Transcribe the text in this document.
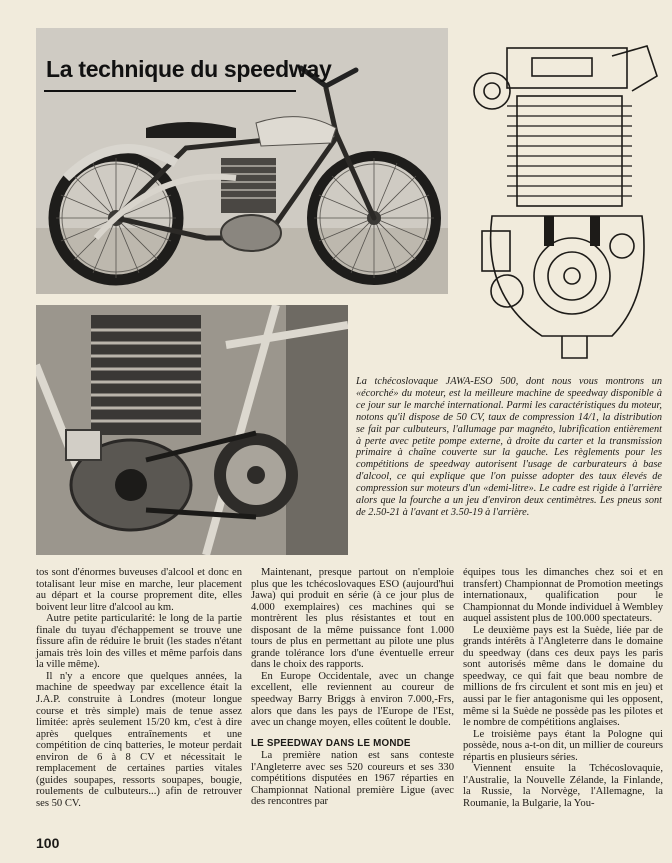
La technique du speedway
La tchécoslovaque JAWA-ESO 500, dont nous vous montrons un «écorché» du moteur, est la meilleure machine de speedway disponible à ce jour sur le marché international. Parmi les caractéristiques du moteur, notons qu'il dispose de 50 CV, taux de compression 14/1, la distribution se fait par culbuteurs, l'allumage par magnéto, lubrification entièrement à perte avec petite pompe externe, à droite du carter et la transmission primaire à chaîne couverte sur la gauche. Les règlements pour les compétitions de speedway autorisent l'usage de carburateurs à base d'alcool, ce qui explique que l'on puisse adopter des taux élevés de compression sur moteurs d'un «demi-litre». Le cadre est rigide à l'arrière alors que la fourche a un jeu d'environ deux centimètres. Les pneus sont de 2.50-21 à l'avant et 3.50-19 à l'arrière.

tos sont d'énormes buveuses d'alcool et donc en totalisant leur mise en marche, leur placement au départ et la course proprement dite, elles boivent leur litre d'alcool au km.

Autre petite particularité: le long de la partie finale du tuyau d'échappement se trouve une fissure afin de réduire le bruit (les stades n'étant jamais très loin des villes et même parfois dans la ville même).

Il n'y a encore que quelques années, la machine de speedway par excellence était la J.A.P. construite à Londres (moteur longue course et très simple) mais de tenue assez limitée: après seulement 15/20 km, c'est à dire après quelques entraînements et une compétition de cinq batteries, le moteur perdait environ de 6 à 8 CV et nécessitait le remplacement de certaines parties vitales (guides soupapes, ressorts soupapes, bougie, roulements de culbuteurs...) afin de retrouver ses 50 CV.

Maintenant, presque partout on n'emploie plus que les tchécoslovaques ESO (aujourd'hui Jawa) qui produit en série (à ce jour plus de 4.000 exemplaires) ces machines qui se montrèrent les plus résistantes et tout en disposant de la même puissance font 1.000 tours de plus en permettant au pilote une plus grande tolérance lors d'une éventuelle erreur dans le choix des rapports.

En Europe Occidentale, avec un change excellent, elle reviennent au coureur de speedway Barry Briggs à environ 7.000,-Frs, alors que dans les pays de l'Europe de l'Est, avec un change moyen, elles coûtent le double.

LE SPEEDWAY DANS LE MONDE

La première nation est sans conteste l'Angleterre avec ses 520 coureurs et ses 330 compétitions disputées en 1967 réparties en Championnat National première Ligue (avec des rencontres par

équipes tous les dimanches chez soi et en transfert) Championnat de Promotion meetings internationaux, qualification pour le Championnat du Monde individuel à Wembley auquel assistent plus de 100.000 spectateurs.

Le deuxième pays est la Suède, liée par de grands intérêts à l'Angleterre dans le domaine du speedway (dans ces deux pays les paris sont autorisés même dans le domaine du speedway, ce qui fait que beau nombre de millions de frs circulent et sont mis en jeu) et aussi par le fier antagonisme qui les opposent, même si la Suède ne possède pas les pilotes et le nombre de compétitions anglaises.

Le troisième pays étant la Pologne qui possède, nous a-t-on dit, un millier de coureurs répartis en plusieurs séries.

Viennent ensuite la Tchécoslovaquie, l'Australie, la Nouvelle Zélande, la Finlande, la Russie, la Norvège, l'Allemagne, la Roumanie, la Bulgarie, la You-

100
